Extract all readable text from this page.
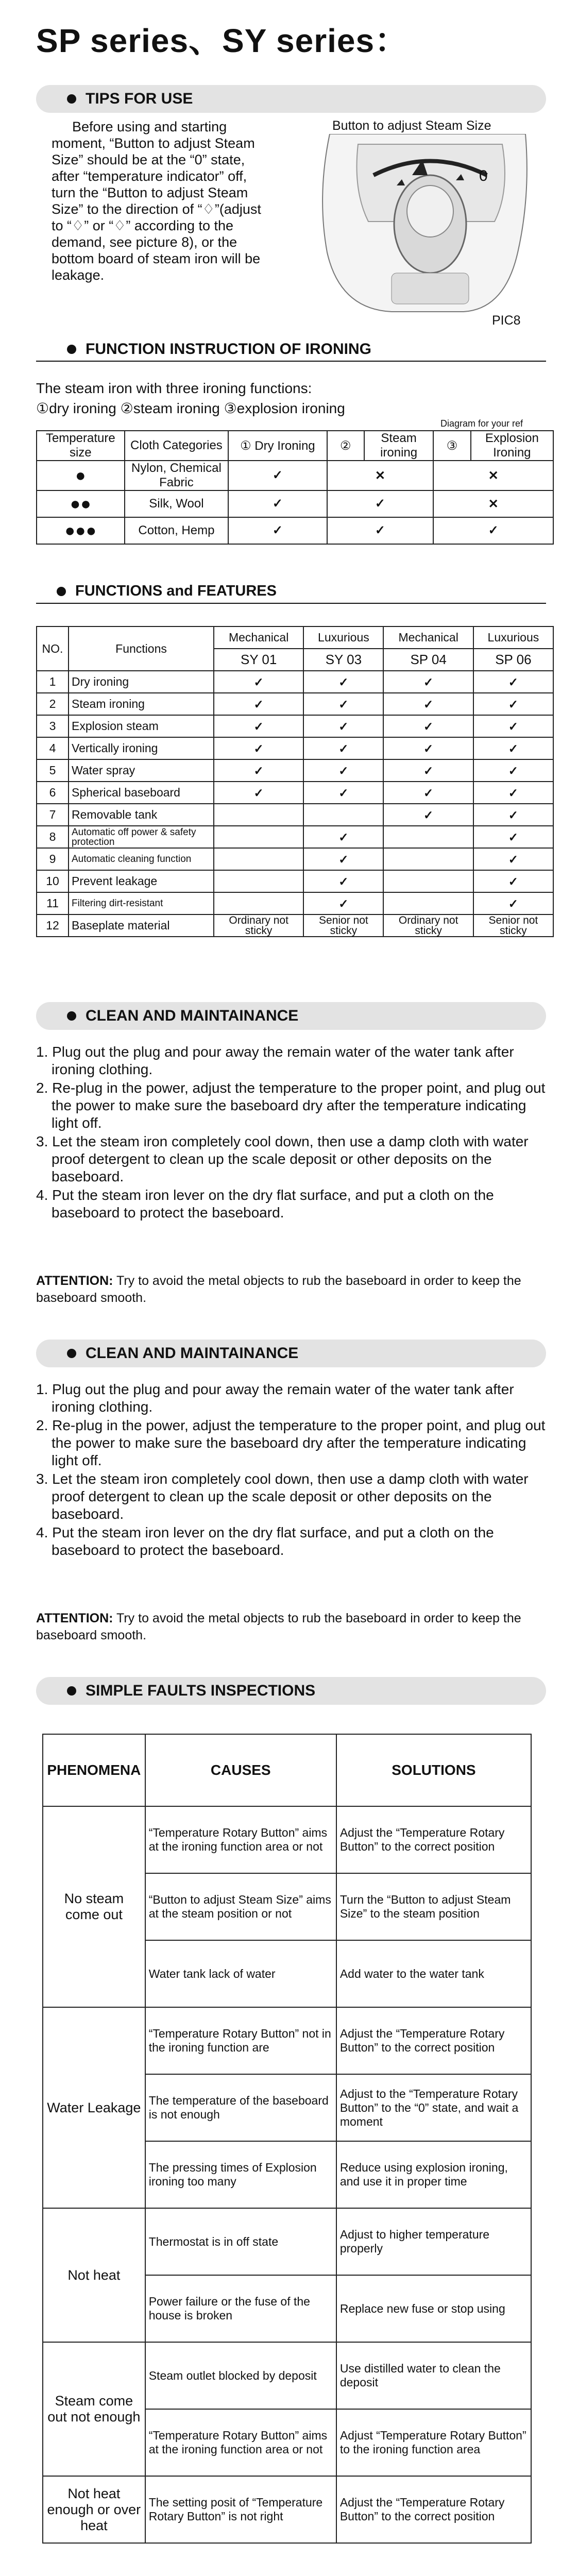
SP series、SY series：
TIPS FOR USE
Before using and starting moment, “Button to adjust Steam Size” should be at the “0” state, after “temperature indicator” off, turn the “Button to adjust Steam Size” to the direction of “♢”(adjust to “♢” or “♢” according to the demand, see picture 8), or the bottom board of steam iron will be leakage.
Button to adjust Steam Size
0
PIC8
FUNCTION INSTRUCTION OF IRONING
The steam iron with three ironing functions:
①dry ironing ②steam ironing ③explosion ironing
Diagram for your ref
Temperature size	Cloth Categories	① Dry Ironing	②	Steam ironing	③	Explosion Ironing
●	Nylon, Chemical Fabric	✓	✕		✕	
●●	Silk, Wool	✓	✓		✕	
●●●	Cotton, Hemp	✓	✓		✓	
FUNCTIONS and FEATURES
NO.	Functions	Mechanical	Luxurious	Mechanical	Luxurious
		SY 01	SY 03	SP 04	SP 06
1	Dry ironing	✓	✓	✓	✓
2	Steam ironing	✓	✓	✓	✓
3	Explosion steam	✓	✓	✓	✓
4	Vertically ironing	✓	✓	✓	✓
5	Water spray	✓	✓	✓	✓
6	Spherical baseboard	✓	✓	✓	✓
7	Removable tank			✓	✓
8	Automatic off power & safety protection		✓		✓
9	Automatic cleaning function		✓		✓
10	Prevent leakage		✓		✓
11	Filtering dirt-resistant		✓		✓
12	Baseplate material	Ordinary not sticky	Senior not sticky	Ordinary not sticky	Senior not sticky
CLEAN AND MAINTAINANCE
1. Plug out the plug and pour away the remain water of the water tank after ironing clothing.
2. Re-plug in the power, adjust the temperature to the proper point, and plug out the power to make sure the baseboard dry after the temperature indicating light off.
3. Let the steam iron completely cool down, then use a damp cloth with water proof detergent to clean up the scale deposit or other deposits on the baseboard.
4. Put the steam iron lever on the dry flat surface, and put a cloth on the baseboard to protect the baseboard.
ATTENTION: Try to avoid the metal objects to rub the baseboard in order to keep the baseboard smooth.
CLEAN AND MAINTAINANCE
1. Plug out the plug and pour away the remain water of the water tank after ironing clothing.
2. Re-plug in the power, adjust the temperature to the proper point, and plug out the power to make sure the baseboard dry after the temperature indicating light off.
3. Let the steam iron completely cool down, then use a damp cloth with water proof detergent to clean up the scale deposit or other deposits on the baseboard.
4. Put the steam iron lever on the dry flat surface, and put a cloth on the baseboard to protect the baseboard.
ATTENTION: Try to avoid the metal objects to rub the baseboard in order to keep the baseboard smooth.
SIMPLE FAULTS INSPECTIONS
PHENOMENA	CAUSES	SOLUTIONS
No steam come out	“Temperature Rotary Button” aims at the ironing function area or not	Adjust the “Temperature Rotary Button” to the correct position
	“Button to adjust Steam Size” aims at the steam position or not	Turn the “Button to adjust Steam Size” to the steam position
	Water tank lack of water	Add water to the water tank
Water Leakage	“Temperature Rotary Button” not in the ironing function are	Adjust the “Temperature Rotary Button” to the correct position
	The temperature of the baseboard is not enough	Adjust to the “Temperature Rotary Button” to the “0” state, and wait a moment
	The pressing times of Explosion ironing too many	Reduce using explosion ironing, and use it in proper time
Not heat	Thermostat is in off state	Adjust to higher temperature properly
	Power failure or the fuse of the house is broken	Replace new fuse or stop using
Steam come out not enough	Steam outlet blocked by deposit	Use distilled water to clean the deposit
	“Temperature Rotary Button” aims at the ironing function area or not	Adjust “Temperature Rotary Button” to the ironing function area
Not heat enough or over heat	The setting posit of “Temperature Rotary Button” is not right	Adjust the “Temperature Rotary Button” to the correct position
